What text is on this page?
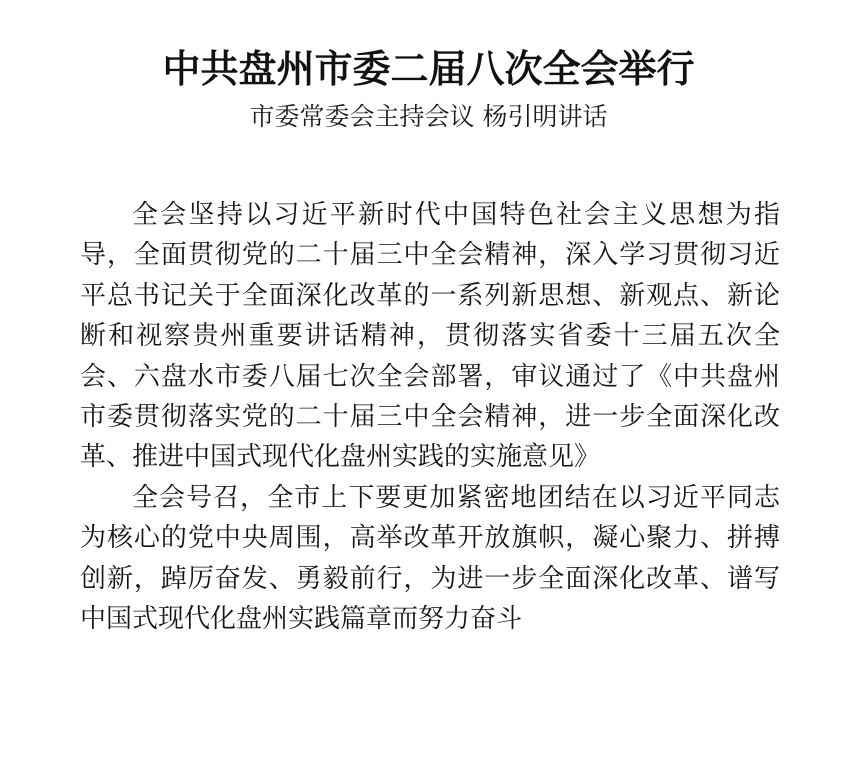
中共盘州市委二届八次全会举行
市委常委会主持会议 杨引明讲话
全会坚持以习近平新时代中国特色社会主义思想为指
导，全面贯彻党的二十届三中全会精神，深入学习贯彻习近
平总书记关于全面深化改革的一系列新思想、新观点、新论
断和视察贵州重要讲话精神，贯彻落实省委十三届五次全
会、六盘水市委八届七次全会部署，审议通过了《中共盘州
市委贯彻落实党的二十届三中全会精神，进一步全面深化改
革、推进中国式现代化盘州实践的实施意见》
全会号召，全市上下要更加紧密地团结在以习近平同志
为核心的党中央周围，高举改革开放旗帜，凝心聚力、拼搏
创新，踔厉奋发、勇毅前行，为进一步全面深化改革、谱写
中国式现代化盘州实践篇章而努力奋斗
